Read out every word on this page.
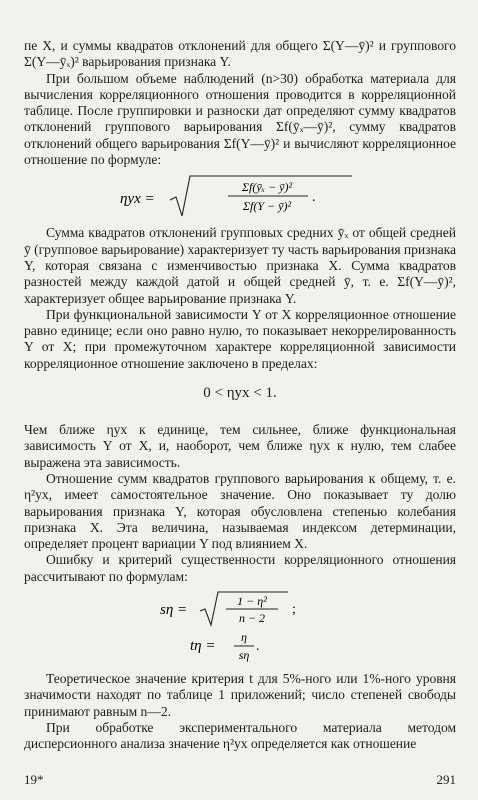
пе X, и суммы квадратов отклонений для общего Σ(Y—ȳ)² и группового Σ(Y—ȳₓ)² варьирования признака Y.

При большом объеме наблюдений (n>30) обработка материала для вычисления корреляционного отношения проводится в корреляционной таблице. После группировки и разноски дат определяют сумму квадратов отклонений группового варьирования Σf(ȳₓ—ȳ)², сумму квадратов отклонений общего варьирования Σf(Y—ȳ)² и вычисляют корреляционное отношение по формуле:

ηyx =
Σf(ȳₓ − ȳ)²
Σf(Y − ȳ)²
.

Сумма квадратов отклонений групповых средних ȳₓ от общей средней ȳ (групповое варьирование) характеризует ту часть варьирования признака Y, которая связана с изменчивостью признака X. Сумма квадратов разностей между каждой датой и общей средней ȳ, т. е. Σf(Y—ȳ)², характеризует общее варьирование признака Y.

При функциональной зависимости Y от X корреляционное отношение равно единице; если оно равно нулю, то показывает некоррелированность Y от X; при промежуточном характере корреляционной зависимости корреляционное отношение заключено в пределах:

0 < ηyx < 1.

Чем ближе ηyx к единице, тем сильнее, ближе функциональная зависимость Y от X, и, наоборот, чем ближе ηyx к нулю, тем слабее выражена эта зависимость.

Отношение сумм квадратов группового варьирования к общему, т. е. η²yx, имеет самостоятельное значение. Оно показывает ту долю варьирования признака Y, которая обусловлена степенью колебания признака X. Эта величина, называемая индексом детерминации, определяет процент вариации Y под влиянием X.

Ошибку и критерий существенности корреляционного отношения рассчитывают по формулам:

sη =
1 − η²
n − 2
;
tη =
η
sη
.

Теоретическое значение критерия t для 5%-ного или 1%-ного уровня значимости находят по таблице 1 приложений; число степеней свободы принимают равным n—2.

При обработке экспериментального материала методом дисперсионного анализа значение η²yx определяется как отношение

19*	291
